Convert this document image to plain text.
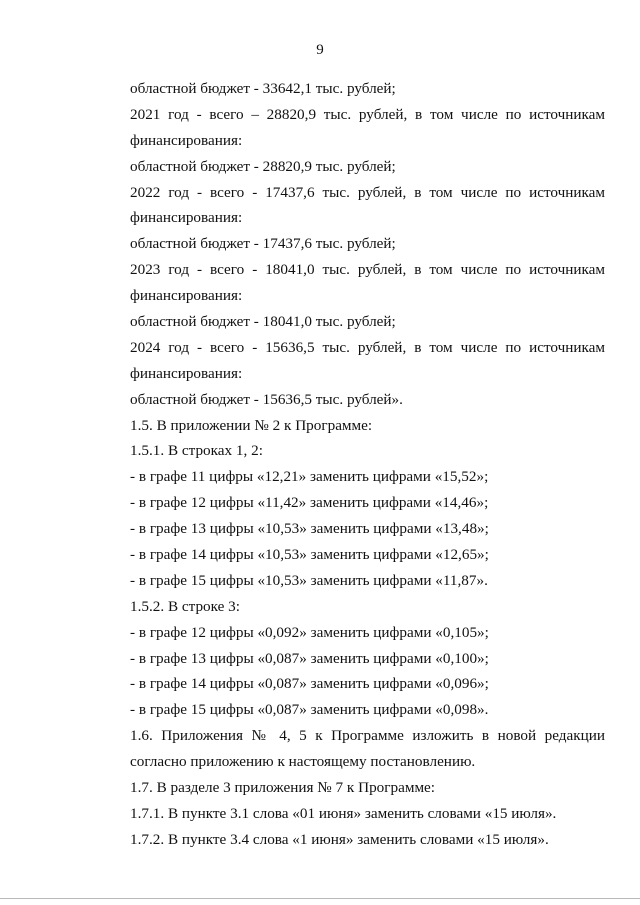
9
областной бюджет - 33642,1 тыс. рублей;
2021 год - всего – 28820,9 тыс. рублей, в том числе по источникам
финансирования:
областной бюджет - 28820,9 тыс. рублей;
2022 год - всего - 17437,6 тыс. рублей, в том числе по источникам
финансирования:
областной бюджет - 17437,6 тыс. рублей;
2023 год - всего - 18041,0 тыс. рублей, в том числе по источникам
финансирования:
областной бюджет - 18041,0 тыс. рублей;
2024 год - всего - 15636,5 тыс. рублей, в том числе по источникам
финансирования:
областной бюджет - 15636,5 тыс. рублей».
1.5. В приложении № 2 к Программе:
1.5.1. В строках 1, 2:
- в графе 11 цифры «12,21» заменить цифрами «15,52»;
- в графе 12 цифры «11,42» заменить цифрами «14,46»;
- в графе 13 цифры «10,53» заменить цифрами «13,48»;
- в графе 14 цифры «10,53» заменить цифрами «12,65»;
- в графе 15 цифры «10,53» заменить цифрами «11,87».
1.5.2. В строке 3:
- в графе 12 цифры «0,092» заменить цифрами «0,105»;
- в графе 13 цифры «0,087» заменить цифрами «0,100»;
- в графе 14 цифры «0,087» заменить цифрами «0,096»;
- в графе 15 цифры «0,087» заменить цифрами «0,098».
1.6. Приложения № 4, 5 к Программе изложить в новой редакции
согласно приложению к настоящему постановлению.
1.7. В разделе 3 приложения № 7 к Программе:
1.7.1. В пункте 3.1 слова «01 июня» заменить словами «15 июля».
1.7.2. В пункте 3.4 слова «1 июня» заменить словами «15 июля».
